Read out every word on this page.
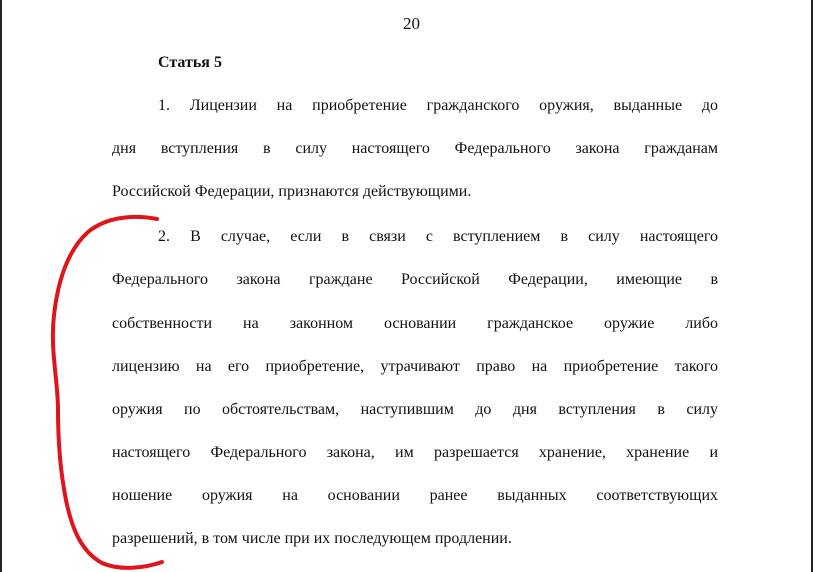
20
Статья 5
1. Лицензии на приобретение гражданского оружия, выданные до
дня вступления в силу настоящего Федерального закона гражданам
Российской Федерации, признаются действующими.
2. В случае, если в связи с вступлением в силу настоящего
Федерального закона граждане Российской Федерации, имеющие в
собственности на законном основании гражданское оружие либо
лицензию на его приобретение, утрачивают право на приобретение такого
оружия по обстоятельствам, наступившим до дня вступления в силу
настоящего Федерального закона, им разрешается хранение, хранение и
ношение оружия на основании ранее выданных соответствующих
разрешений, в том числе при их последующем продлении.
